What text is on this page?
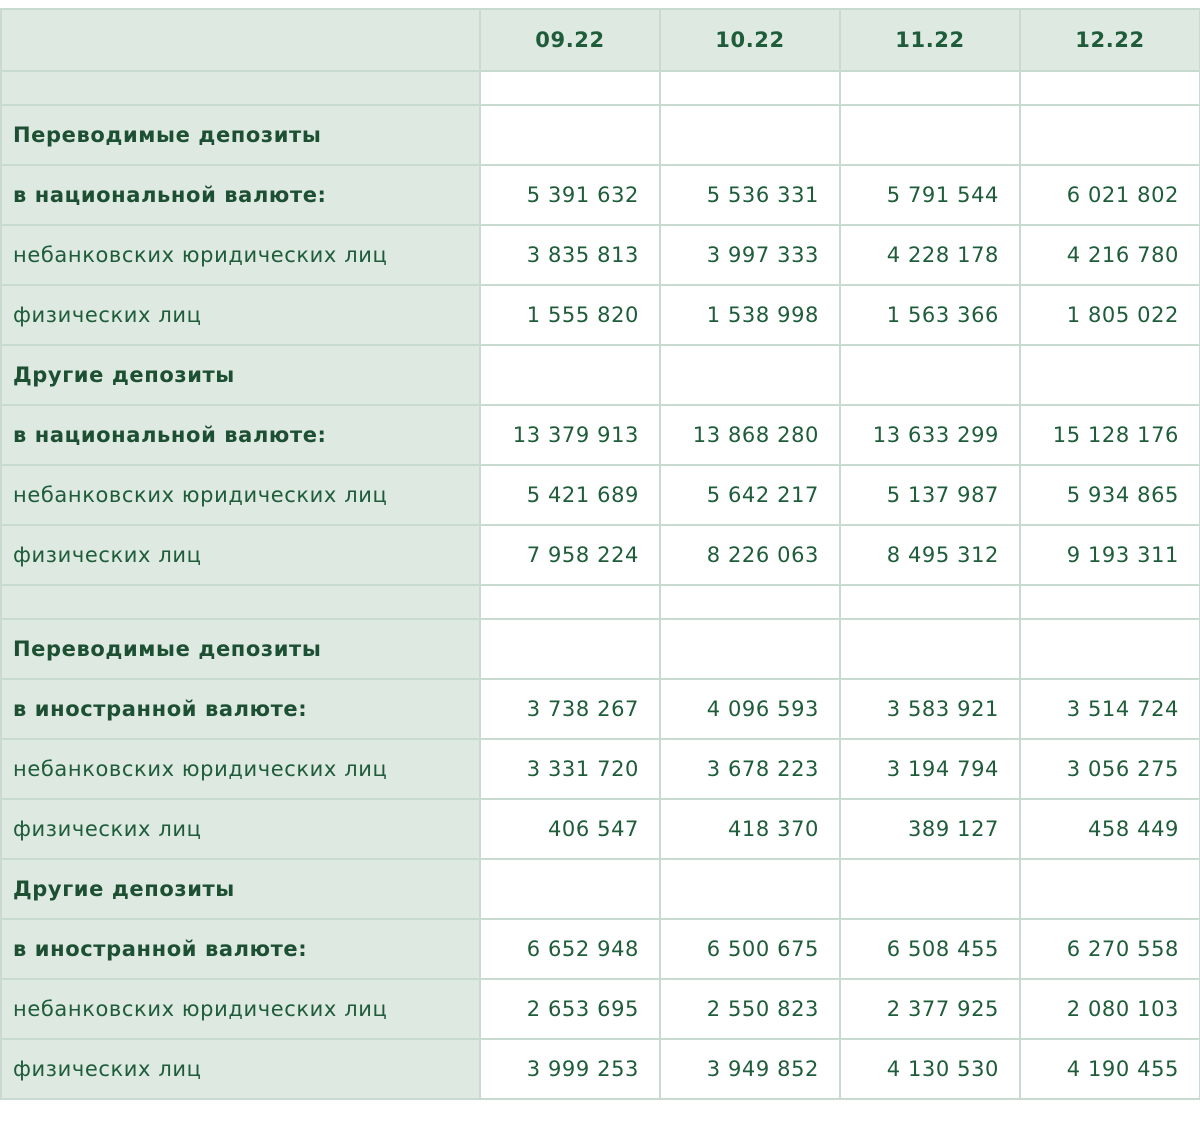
	09.22	10.22	11.22	12.22

Переводимые депозиты				
в национальной валюте:	5 391 632	5 536 331	5 791 544	6 021 802
небанковских юридических лиц	3 835 813	3 997 333	4 228 178	4 216 780
физических лиц	1 555 820	1 538 998	1 563 366	1 805 022
Другие депозиты				
в национальной валюте:	13 379 913	13 868 280	13 633 299	15 128 176
небанковских юридических лиц	5 421 689	5 642 217	5 137 987	5 934 865
физических лиц	7 958 224	8 226 063	8 495 312	9 193 311

Переводимые депозиты				
в иностранной валюте:	3 738 267	4 096 593	3 583 921	3 514 724
небанковских юридических лиц	3 331 720	3 678 223	3 194 794	3 056 275
физических лиц	406 547	418 370	389 127	458 449
Другие депозиты				
в иностранной валюте:	6 652 948	6 500 675	6 508 455	6 270 558
небанковских юридических лиц	2 653 695	2 550 823	2 377 925	2 080 103
физических лиц	3 999 253	3 949 852	4 130 530	4 190 455
